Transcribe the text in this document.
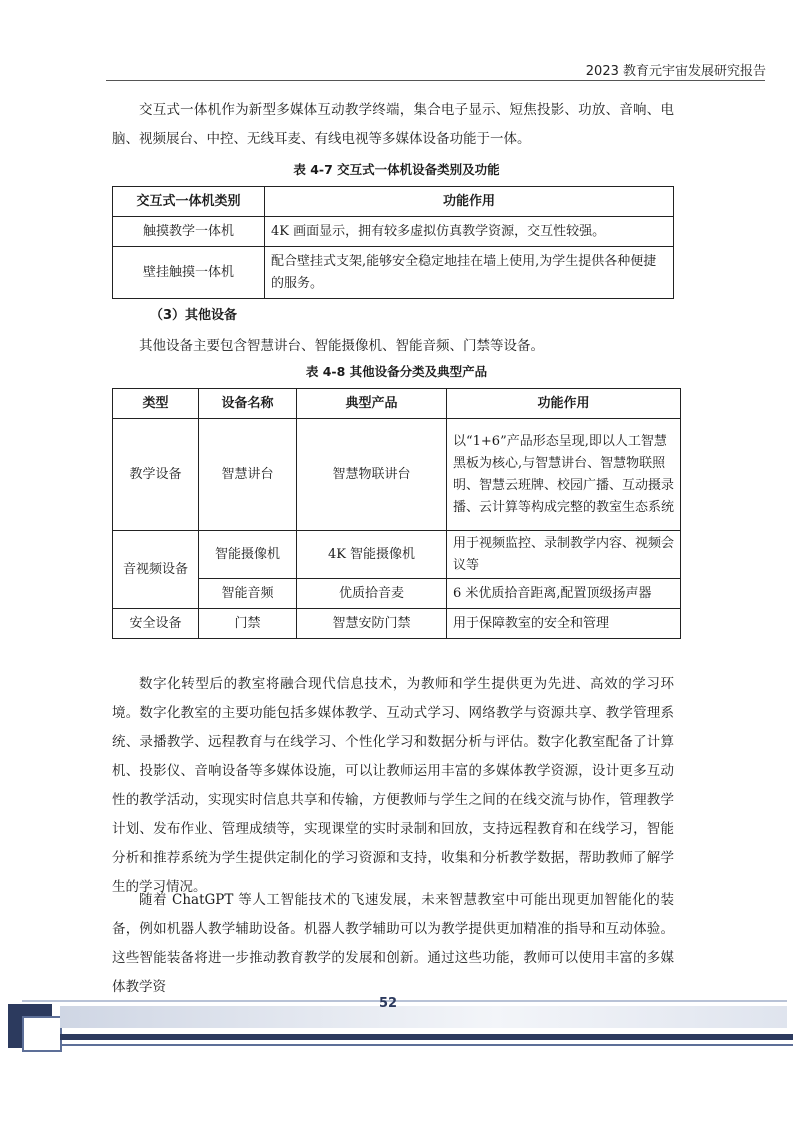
2023 教育元宇宙发展研究报告

交互式一体机作为新型多媒体互动教学终端，集合电子显示、短焦投影、功放、音响、电脑、视频展台、中控、无线耳麦、有线电视等多媒体设备功能于一体。

表 4-7 交互式一体机设备类别及功能
交互式一体机类别	功能作用
触摸教学一体机	4K 画面显示，拥有较多虚拟仿真教学资源，交互性较强。
壁挂触摸一体机	配合壁挂式支架,能够安全稳定地挂在墙上使用,为学生提供各种便捷的服务。
（3）其他设备

其他设备主要包含智慧讲台、智能摄像机、智能音频、门禁等设备。

表 4-8 其他设备分类及典型产品
类型	设备名称	典型产品	功能作用
教学设备	智慧讲台	智慧物联讲台	以“1+6”产品形态呈现,即以人工智慧黑板为核心,与智慧讲台、智慧物联照明、智慧云班牌、校园广播、互动摄录播、云计算等构成完整的教室生态系统
音视频设备	智能摄像机	4K 智能摄像机	用于视频监控、录制教学内容、视频会议等
	智能音频	优质拾音麦	6 米优质拾音距离,配置顶级扬声器
安全设备	门禁	智慧安防门禁	用于保障教室的安全和管理

数字化转型后的教室将融合现代信息技术，为教师和学生提供更为先进、高效的学习环境。数字化教室的主要功能包括多媒体教学、互动式学习、网络教学与资源共享、教学管理系统、录播教学、远程教育与在线学习、个性化学习和数据分析与评估。数字化教室配备了计算机、投影仪、音响设备等多媒体设施，可以让教师运用丰富的多媒体教学资源，设计更多互动性的教学活动，实现实时信息共享和传输，方便教师与学生之间的在线交流与协作，管理教学计划、发布作业、管理成绩等，实现课堂的实时录制和回放，支持远程教育和在线学习，智能分析和推荐系统为学生提供定制化的学习资源和支持，收集和分析教学数据，帮助教师了解学生的学习情况。

随着 ChatGPT 等人工智能技术的飞速发展，未来智慧教室中可能出现更加智能化的装备，例如机器人教学辅助设备。机器人教学辅助可以为教学提供更加精准的指导和互动体验。这些智能装备将进一步推动教育教学的发展和创新。通过这些功能，教师可以使用丰富的多媒体教学资

52
